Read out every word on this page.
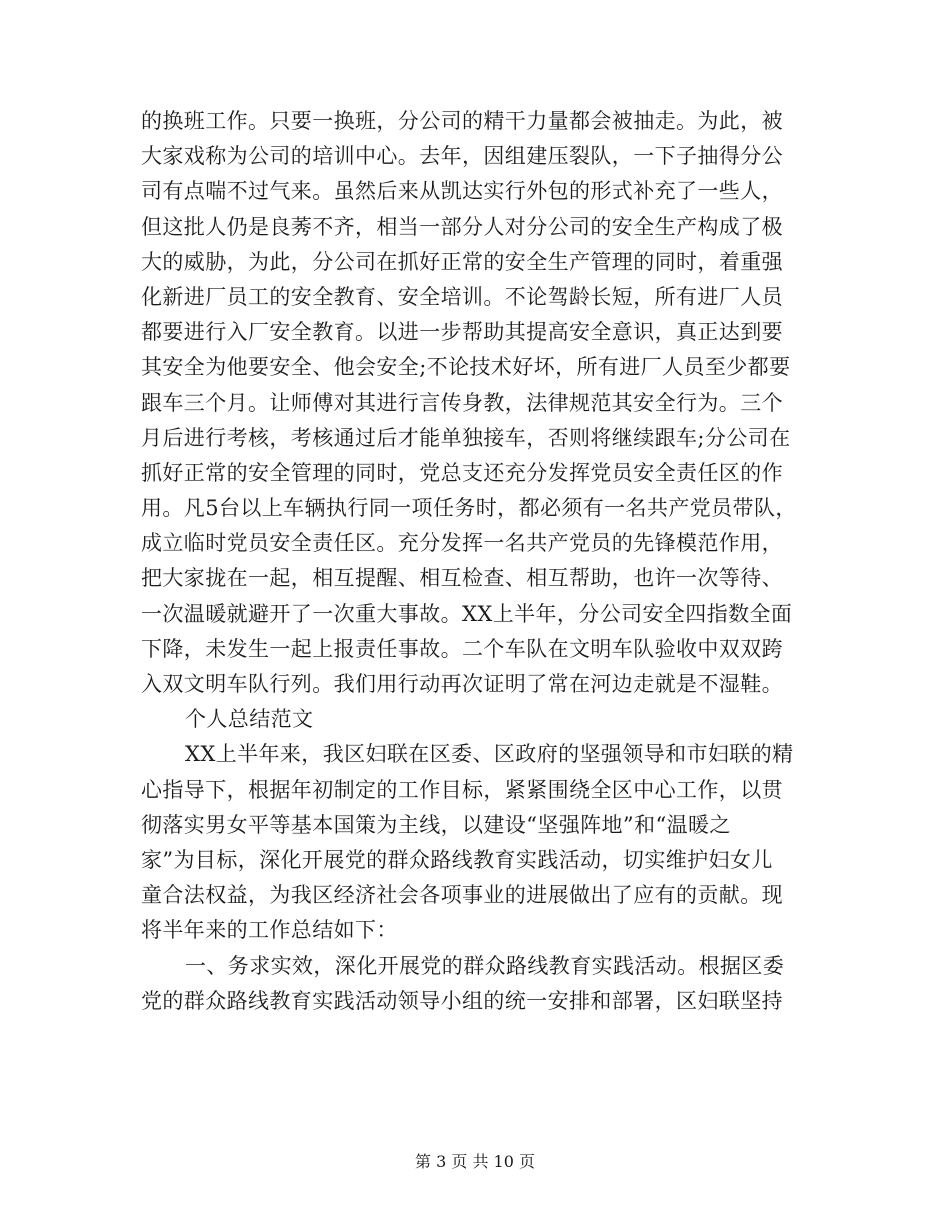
的换班工作。只要一换班，分公司的精干力量都会被抽走。为此，被
大家戏称为公司的培训中心。去年，因组建压裂队，一下子抽得分公
司有点喘不过气来。虽然后来从凯达实行外包的形式补充了一些人，
但这批人仍是良莠不齐，相当一部分人对分公司的安全生产构成了极
大的威胁，为此，分公司在抓好正常的安全生产管理的同时，着重强
化新进厂员工的安全教育、安全培训。不论驾龄长短，所有进厂人员
都要进行入厂安全教育。以进一步帮助其提高安全意识，真正达到要
其安全为他要安全、他会安全;不论技术好坏，所有进厂人员至少都要
跟车三个月。让师傅对其进行言传身教，法律规范其安全行为。三个
月后进行考核，考核通过后才能单独接车，否则将继续跟车;分公司在
抓好正常的安全管理的同时，党总支还充分发挥党员安全责任区的作
用。凡5台以上车辆执行同一项任务时，都必须有一名共产党员带队，
成立临时党员安全责任区。充分发挥一名共产党员的先锋模范作用，
把大家拢在一起，相互提醒、相互检查、相互帮助，也许一次等待、
一次温暖就避开了一次重大事故。XX上半年，分公司安全四指数全面
下降，未发生一起上报责任事故。二个车队在文明车队验收中双双跨
入双文明车队行列。我们用行动再次证明了常在河边走就是不湿鞋。
个人总结范文
XX上半年来，我区妇联在区委、区政府的坚强领导和市妇联的精
心指导下，根据年初制定的工作目标，紧紧围绕全区中心工作，以贯
彻落实男女平等基本国策为主线，以建设“坚强阵地”和“温暖之
家”为目标，深化开展党的群众路线教育实践活动，切实维护妇女儿
童合法权益，为我区经济社会各项事业的进展做出了应有的贡献。现
将半年来的工作总结如下：
一、务求实效，深化开展党的群众路线教育实践活动。根据区委
党的群众路线教育实践活动领导小组的统一安排和部署，区妇联坚持
第 3 页 共 10 页
